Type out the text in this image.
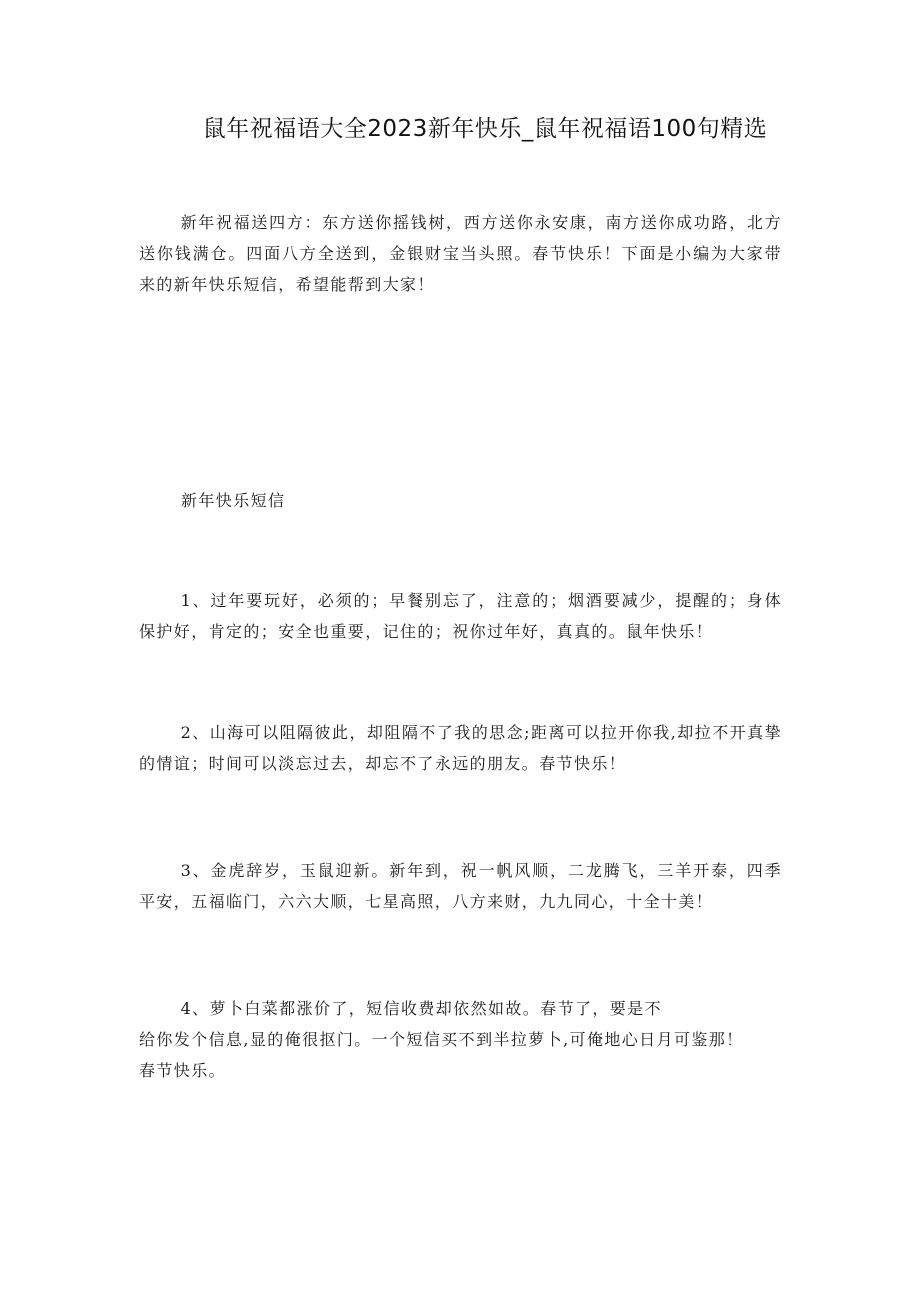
鼠年祝福语大全2023新年快乐_鼠年祝福语100句精选

新年祝福送四方：东方送你摇钱树，西方送你永安康，南方送你成功路，北方送你钱满仓。四面八方全送到，金银财宝当头照。春节快乐！下面是小编为大家带来的新年快乐短信，希望能帮到大家！

新年快乐短信

1、过年要玩好，必须的；早餐别忘了，注意的；烟酒要减少，提醒的；身体保护好，肯定的；安全也重要，记住的；祝你过年好，真真的。鼠年快乐！

2、山海可以阻隔彼此，却阻隔不了我的思念;距离可以拉开你我,却拉不开真挚的情谊；时间可以淡忘过去，却忘不了永远的朋友。春节快乐！

3、金虎辞岁，玉鼠迎新。新年到，祝一帆风顺，二龙腾飞，三羊开泰，四季平安，五福临门，六六大顺，七星高照，八方来财，九九同心，十全十美！

4、萝卜白菜都涨价了，短信收费却依然如故。春节了，要是不
给你发个信息,显的俺很抠门。一个短信买不到半拉萝卜,可俺地心日月可鉴那！
春节快乐。
